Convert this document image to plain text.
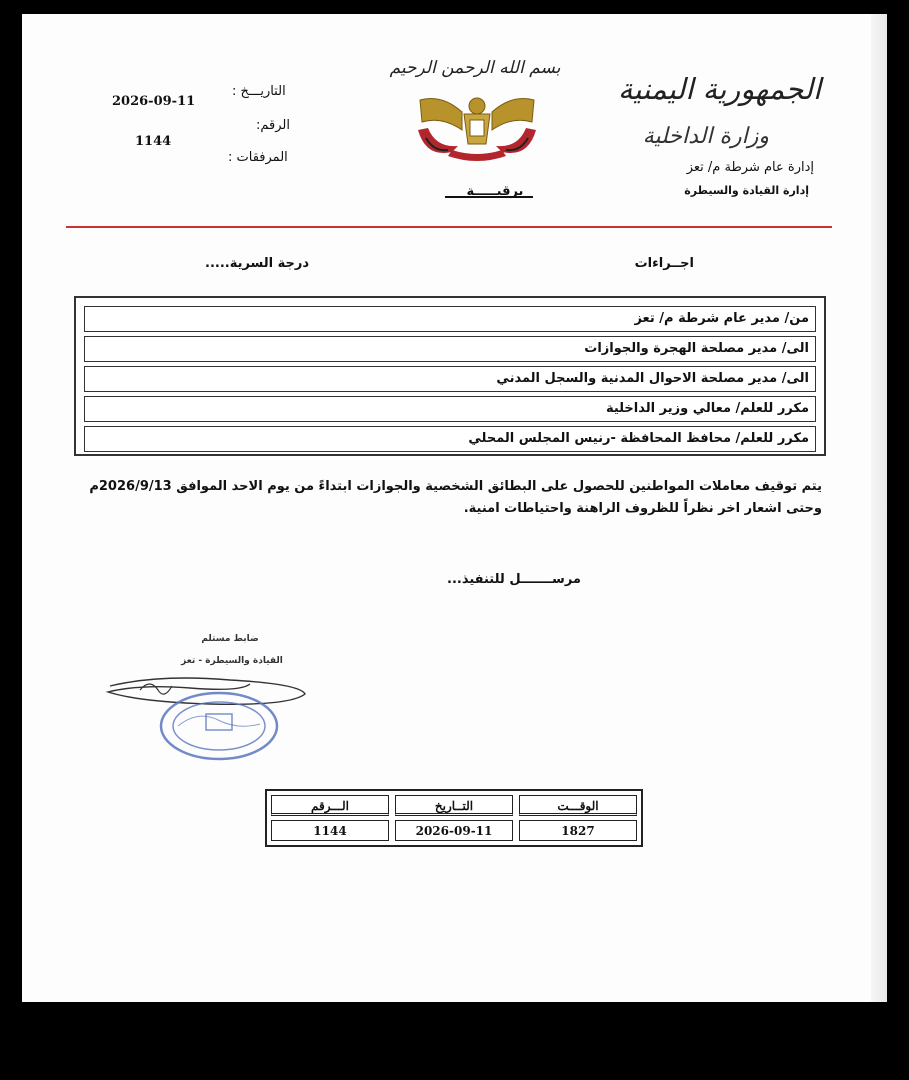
الجمهورية اليمنية
وزارة الداخلية
إدارة عام شرطة م/ تعز
إدارة القيادة والسيطرة
بسم الله الرحمن الرحيم
برقيـــــة
التاريـــخ :
2026-09-11
الرقم:
1144
المرفقات :
اجــراءات
درجة السرية.....
من/ مدير عام شرطة م/ تعز
الى/ مدير مصلحة الهجرة والجوازات
الى/ مدير مصلحة الاحوال المدنية والسجل المدني
مكرر للعلم/ معالي وزير الداخلية
مكرر للعلم/ محافظ المحافظة -رنيس المجلس المحلي
يتم توقيف معاملات المواطنين للحصول على البطائق الشخصية والجوازات ابتداءً من يوم الاحد الموافق 2026/9/13م
وحتى اشعار اخر نظراً للظروف الراهنة واحتياطات امنية.
مرســـــــل للتنفيذ...
ضابط مستلم
القيادة والسيطرة - تعز
الوقـــت
التــاريخ
الـــرقم
1827
2026-09-11
1144
